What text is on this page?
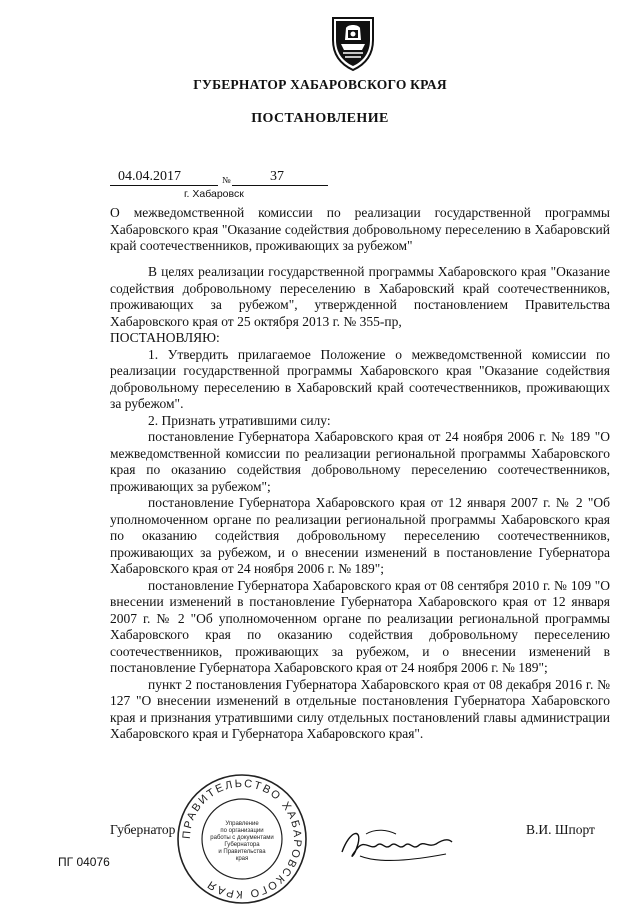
ГУБЕРНАТОР ХАБАРОВСКОГО КРАЯ
ПОСТАНОВЛЕНИЕ
04.04.2017	№	37
г. Хабаровск
О межведомственной комиссии по реализации государственной программы Хабаровского края "Оказание содействия добровольному переселению в Хабаровский край соотечественников, проживающих за рубежом"
В целях реализации государственной программы Хабаровского края "Оказание содействия добровольному переселению в Хабаровский край соотечественников, проживающих за рубежом", утвержденной постановлением Правительства Хабаровского края от 25 октября 2013 г. № 355-пр,
ПОСТАНОВЛЯЮ:
1. Утвердить прилагаемое Положение о межведомственной комиссии по реализации государственной программы Хабаровского края "Оказание содействия добровольному переселению в Хабаровский край соотечественников, проживающих за рубежом".
2. Признать утратившими силу:
постановление Губернатора Хабаровского края от 24 ноября 2006 г. № 189 "О межведомственной комиссии по реализации региональной программы Хабаровского края по оказанию содействия добровольному переселению соотечественников, проживающих за рубежом";
постановление Губернатора Хабаровского края от 12 января 2007 г. № 2 "Об уполномоченном органе по реализации региональной программы Хабаровского края по оказанию содействия добровольному переселению соотечественников, проживающих за рубежом, и о внесении изменений в постановление Губернатора Хабаровского края от 24 ноября 2006 г. № 189";
постановление Губернатора Хабаровского края от 08 сентября 2010 г. № 109 "О внесении изменений в постановление Губернатора Хабаровского края от 12 января 2007 г. № 2 "Об уполномоченном органе по реализации региональной программы Хабаровского края по оказанию содействия добровольному переселению соотечественников, проживающих за рубежом, и о внесении изменений в постановление Губернатора Хабаровского края от 24 ноября 2006 г. № 189";
пункт 2 постановления Губернатора Хабаровского края от 08 декабря 2016 г. № 127 "О внесении изменений в отдельные постановления Губернатора Хабаровского края и признания утратившими силу отдельных постановлений главы администрации Хабаровского края и Губернатора Хабаровского края".
Губернатор	В.И. Шпорт
ПРАВИТЕЛЬСТВО ХАБАРОВСКОГО КРАЯ
Управление
по организации
работы с документами
Губернатора
и Правительства
края
ПГ 04076
